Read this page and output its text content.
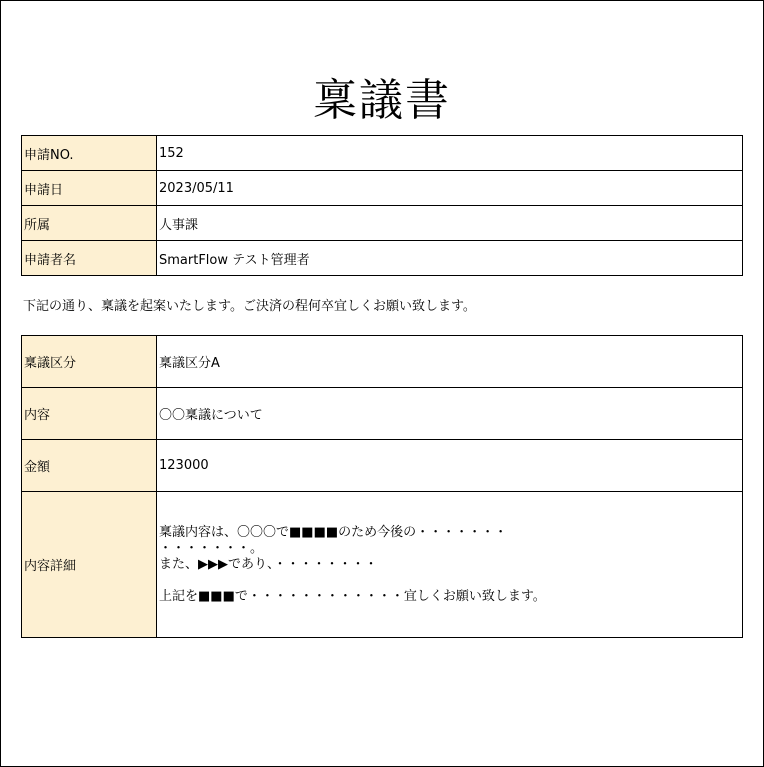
稟議書
申請NO.	152
申請日	2023/05/11
所属	人事課
申請者名	SmartFlow テスト管理者
下記の通り、稟議を起案いたします。ご決済の程何卒宜しくお願い致します。
稟議区分	稟議区分A
内容	〇〇稟議について
金額	123000
内容詳細	稟議内容は、〇〇〇で■■■■のため今後の・・・・・・・
・・・・・・・。
また、▶▶▶であり、・・・・・・・・
上記を■■■で・・・・・・・・・・・・宜しくお願い致します。
